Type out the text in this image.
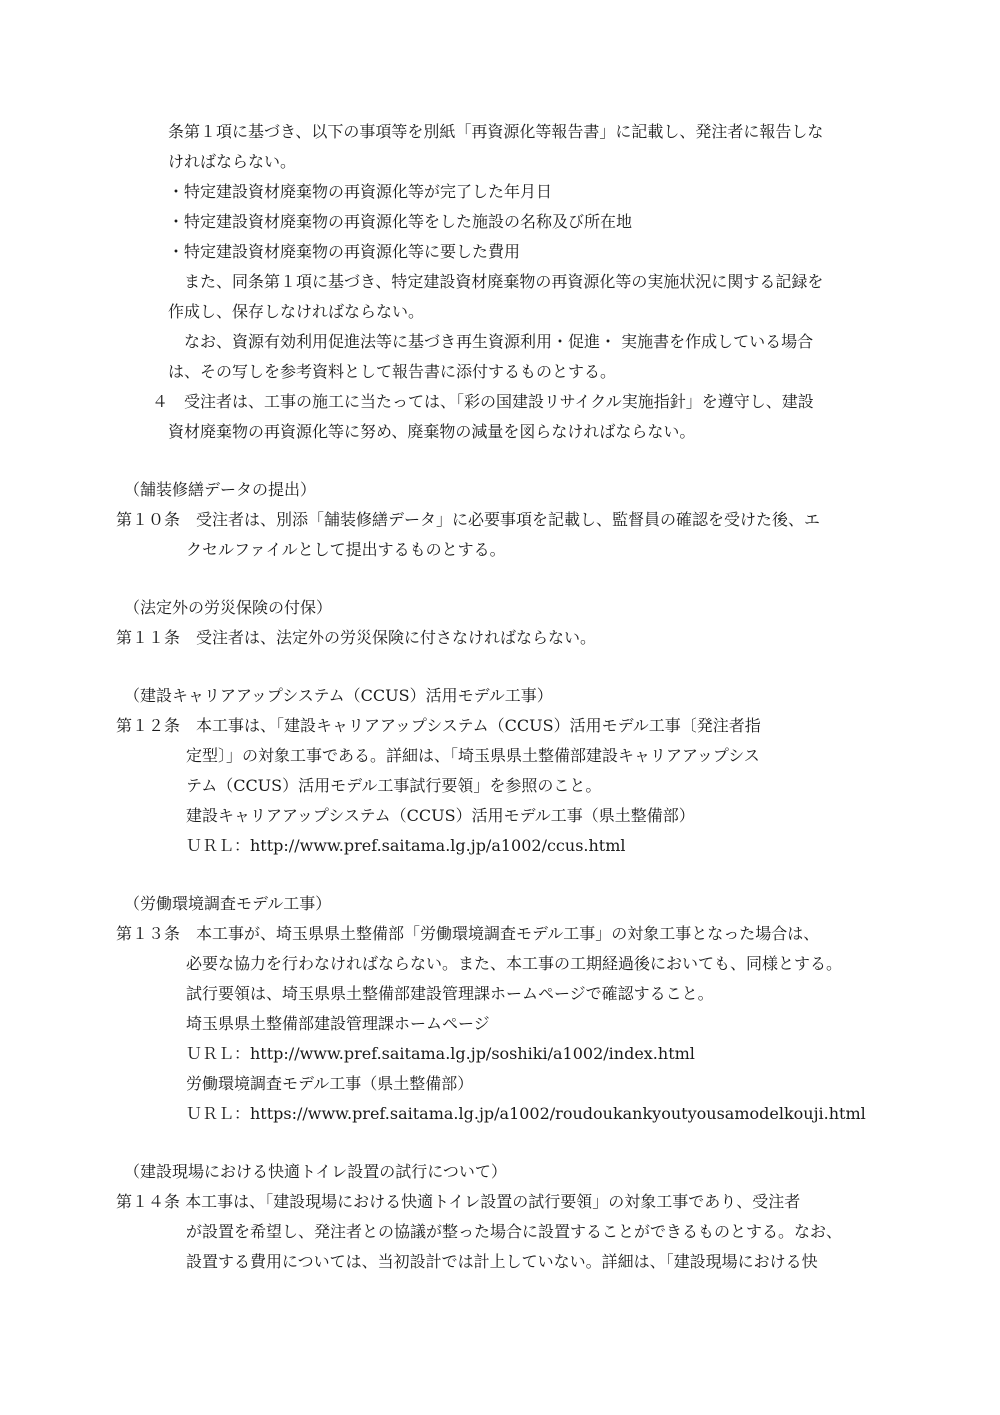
条第１項に基づき、以下の事項等を別紙「再資源化等報告書」に記載し、発注者に報告しな

ければならない。

・特定建設資材廃棄物の再資源化等が完了した年月日

・特定建設資材廃棄物の再資源化等をした施設の名称及び所在地

・特定建設資材廃棄物の再資源化等に要した費用

　また、同条第１項に基づき、特定建設資材廃棄物の再資源化等の実施状況に関する記録を

作成し、保存しなければならない。

　なお、資源有効利用促進法等に基づき再生資源利用・促進・ 実施書を作成している場合

は、その写しを参考資料として報告書に添付するものとする。

４　受注者は、工事の施工に当たっては、「彩の国建設リサイクル実施指針」を遵守し、建設

資材廃棄物の再資源化等に努め、廃棄物の減量を図らなければならない。

（舗装修繕データの提出）

第１０条　受注者は、別添「舗装修繕データ」に必要事項を記載し、監督員の確認を受けた後、エ

クセルファイルとして提出するものとする。

（法定外の労災保険の付保）

第１１条　受注者は、法定外の労災保険に付さなければならない。

（建設キャリアアップシステム（CCUS）活用モデル工事）

第１２条　本工事は、「建設キャリアアップシステム（CCUS）活用モデル工事〔発注者指

定型〕」の対象工事である。詳細は、「埼玉県県土整備部建設キャリアアップシス

テム（CCUS）活用モデル工事試行要領」を参照のこと。

建設キャリアアップシステム（CCUS）活用モデル工事（県土整備部）

ＵＲＬ：http://www.pref.saitama.lg.jp/a1002/ccus.html

（労働環境調査モデル工事）

第１３条　本工事が、埼玉県県土整備部「労働環境調査モデル工事」の対象工事となった場合は、

必要な協力を行わなければならない。また、本工事の工期経過後においても、同様とする。

試行要領は、埼玉県県土整備部建設管理課ホームページで確認すること。

埼玉県県土整備部建設管理課ホームページ

ＵＲＬ：http://www.pref.saitama.lg.jp/soshiki/a1002/index.html

労働環境調査モデル工事（県土整備部）

ＵＲＬ：https://www.pref.saitama.lg.jp/a1002/roudoukankyoutyousamodelkouji.html

（建設現場における快適トイレ設置の試行について）

第１４条 本工事は、「建設現場における快適トイレ設置の試行要領」の対象工事であり、受注者

が設置を希望し、発注者との協議が整った場合に設置することができるものとする。なお、

設置する費用については、当初設計では計上していない。詳細は、「建設現場における快
